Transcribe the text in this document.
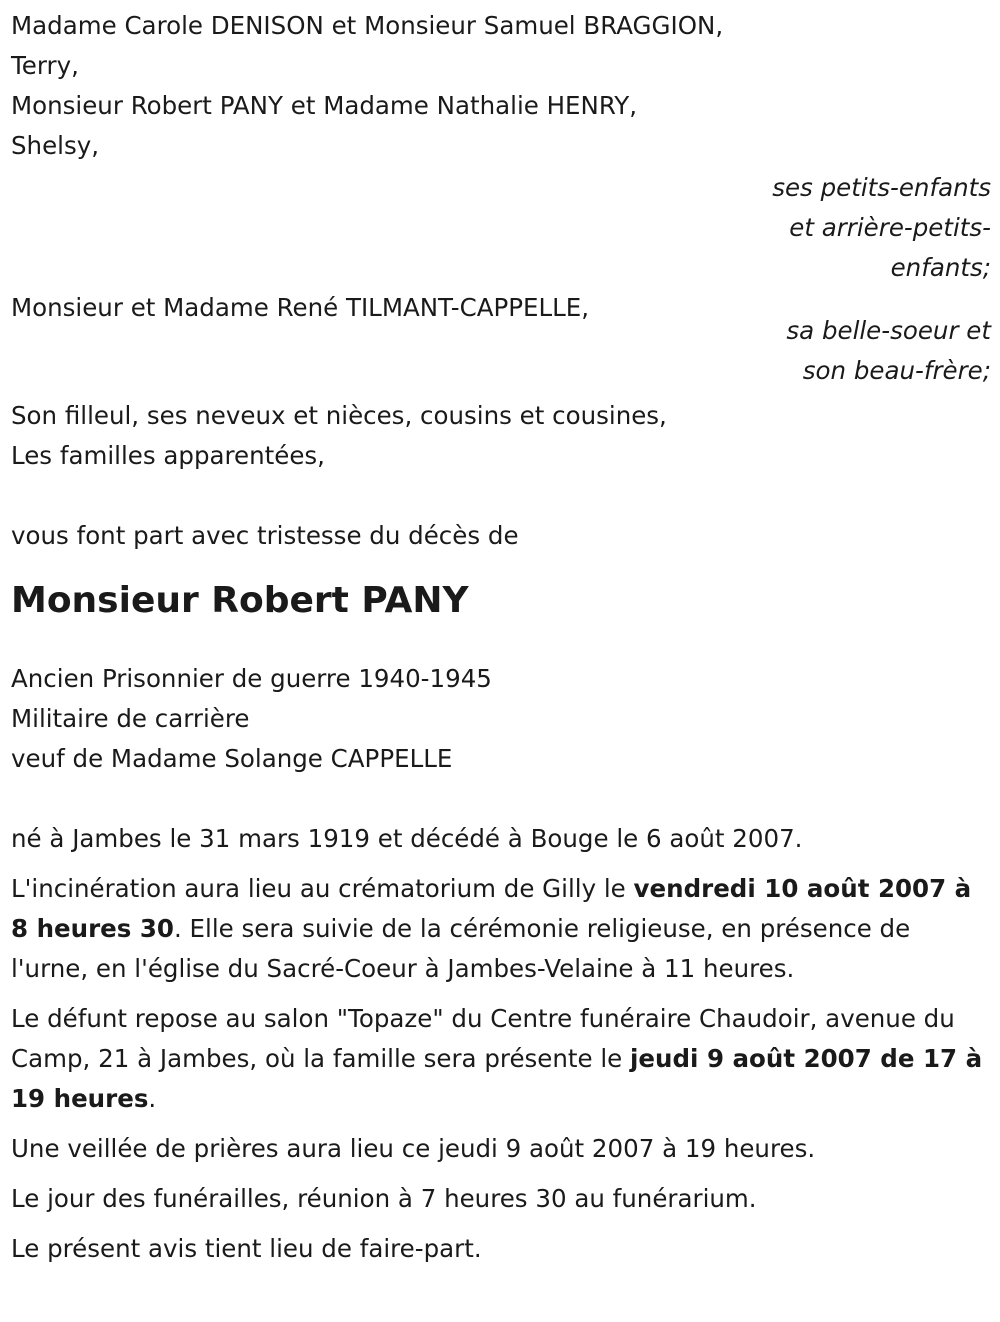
Madame Carole DENISON et Monsieur Samuel BRAGGION,
Terry,
Monsieur Robert PANY et Madame Nathalie HENRY,
Shelsy,
ses petits-enfants
et arrière-petits-
enfants;
Monsieur et Madame René TILMANT-CAPPELLE,
sa belle-soeur et
son beau-frère;
Son filleul, ses neveux et nièces, cousins et cousines,
Les familles apparentées,
vous font part avec tristesse du décès de
Monsieur Robert PANY
Ancien Prisonnier de guerre 1940-1945
Militaire de carrière
veuf de Madame Solange CAPPELLE

né à Jambes le 31 mars 1919 et décédé à Bouge le 6 août 2007.

L'incinération aura lieu au crématorium de Gilly le vendredi 10 août 2007 à 8 heures 30. Elle sera suivie de la cérémonie religieuse, en présence de l'urne, en l'église du Sacré-Coeur à Jambes-Velaine à 11 heures.

Le défunt repose au salon "Topaze" du Centre funéraire Chaudoir, avenue du Camp, 21 à Jambes, où la famille sera présente le jeudi 9 août 2007 de 17 à 19 heures.

Une veillée de prières aura lieu ce jeudi 9 août 2007 à 19 heures.

Le jour des funérailles, réunion à 7 heures 30 au funérarium.

Le présent avis tient lieu de faire-part.
